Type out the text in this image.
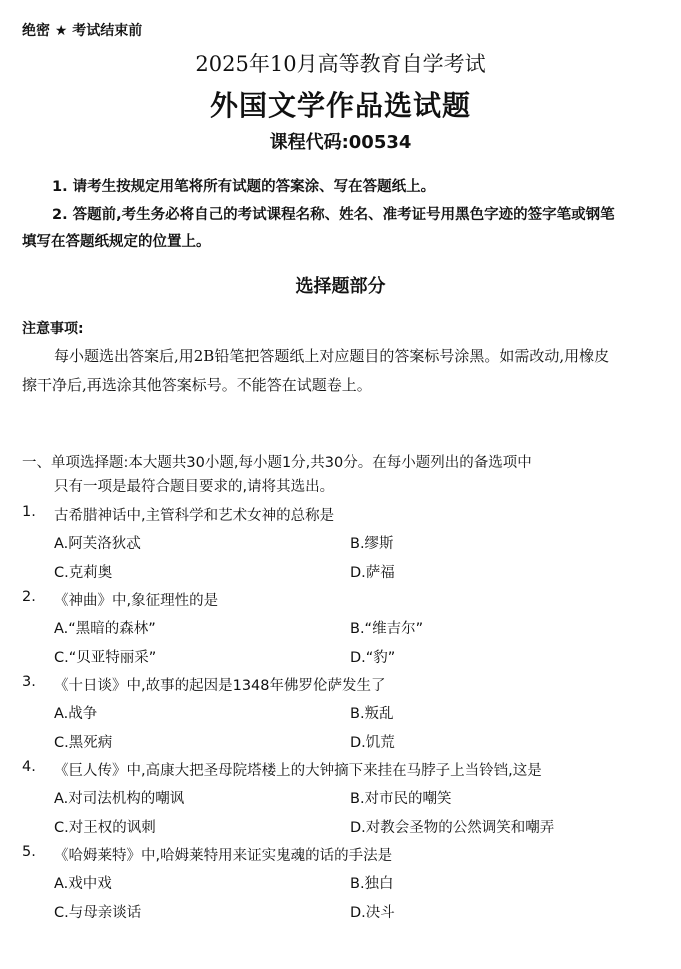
绝密 ★ 考试结束前
2025年10月高等教育自学考试
外国文学作品选试题
课程代码:00534
1. 请考生按规定用笔将所有试题的答案涂、写在答题纸上。
2. 答题前,考生务必将自己的考试课程名称、姓名、准考证号用黑色字迹的签字笔或钢笔
填写在答题纸规定的位置上。
选择题部分
注意事项:
每小题选出答案后,用2B铅笔把答题纸上对应题目的答案标号涂黑。如需改动,用橡皮
擦干净后,再选涂其他答案标号。不能答在试题卷上。
一、单项选择题:本大题共30小题,每小题1分,共30分。在每小题列出的备选项中
只有一项是最符合题目要求的,请将其选出。
1. 古希腊神话中,主管科学和艺术女神的总称是
A.阿芙洛狄忒	B.缪斯
C.克莉奥	D.萨福
2. 《神曲》中,象征理性的是
A.“黑暗的森林”	B.“维吉尔”
C.“贝亚特丽采”	D.“豹”
3. 《十日谈》中,故事的起因是1348年佛罗伦萨发生了
A.战争	B.叛乱
C.黑死病	D.饥荒
4. 《巨人传》中,高康大把圣母院塔楼上的大钟摘下来挂在马脖子上当铃铛,这是
A.对司法机构的嘲讽	B.对市民的嘲笑
C.对王权的讽刺	D.对教会圣物的公然调笑和嘲弄
5. 《哈姆莱特》中,哈姆莱特用来证实鬼魂的话的手法是
A.戏中戏	B.独白
C.与母亲谈话	D.决斗
